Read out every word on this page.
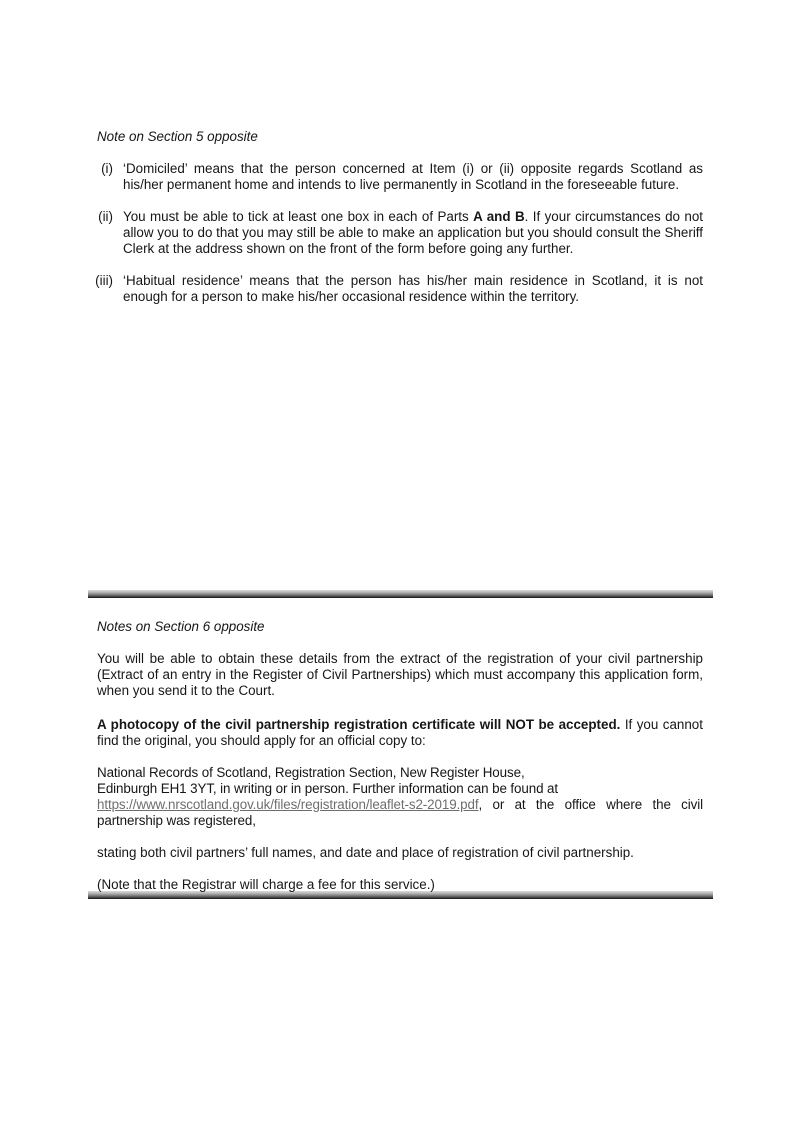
Note on Section 5 opposite
(i) ‘Domiciled’ means that the person concerned at Item (i) or (ii) opposite regards Scotland as his/her permanent home and intends to live permanently in Scotland in the foreseeable future.
(ii) You must be able to tick at least one box in each of Parts A and B. If your circumstances do not allow you to do that you may still be able to make an application but you should consult the Sheriff Clerk at the address shown on the front of the form before going any further.
(iii) ‘Habitual residence’ means that the person has his/her main residence in Scotland, it is not enough for a person to make his/her occasional residence within the territory.
Notes on Section 6 opposite

You will be able to obtain these details from the extract of the registration of your civil partnership (Extract of an entry in the Register of Civil Partnerships) which must accompany this application form, when you send it to the Court.

A photocopy of the civil partnership registration certificate will NOT be accepted. If you cannot find the original, you should apply for an official copy to:

National Records of Scotland, Registration Section, New Register House,
Edinburgh EH1 3YT, in writing or in person. Further information can be found at
https://www.nrscotland.gov.uk/files/registration/leaflet-s2-2019.pdf, or at the office where the civil partnership was registered,

stating both civil partners’ full names, and date and place of registration of civil partnership.

(Note that the Registrar will charge a fee for this service.)
